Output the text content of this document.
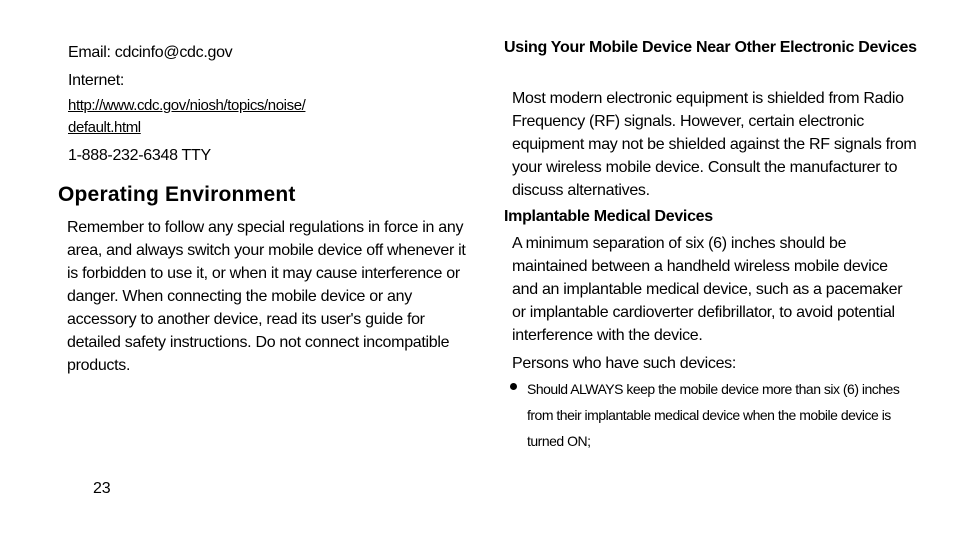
Email: cdcinfo@cdc.gov
Internet:
http://www.cdc.gov/niosh/topics/noise/
default.html
1-888-232-6348 TTY
Operating Environment
Remember to follow any special regulations in force in any area, and always switch your mobile device off whenever it is forbidden to use it, or when it may cause interference or danger. When connecting the mobile device or any accessory to another device, read its user's guide for detailed safety instructions. Do not connect incompatible products.
23
Using Your Mobile Device Near Other Electronic Devices
Most modern electronic equipment is shielded from Radio Frequency (RF) signals. However, certain electronic equipment may not be shielded against the RF signals from your wireless mobile device. Consult the manufacturer to discuss alternatives.
Implantable Medical Devices
A minimum separation of six (6) inches should be maintained between a handheld wireless mobile device and an implantable medical device, such as a pacemaker or implantable cardioverter defibrillator, to avoid potential interference with the device.
Persons who have such devices:
Should ALWAYS keep the mobile device more than six (6) inches from their implantable medical device when the mobile device is turned ON;
